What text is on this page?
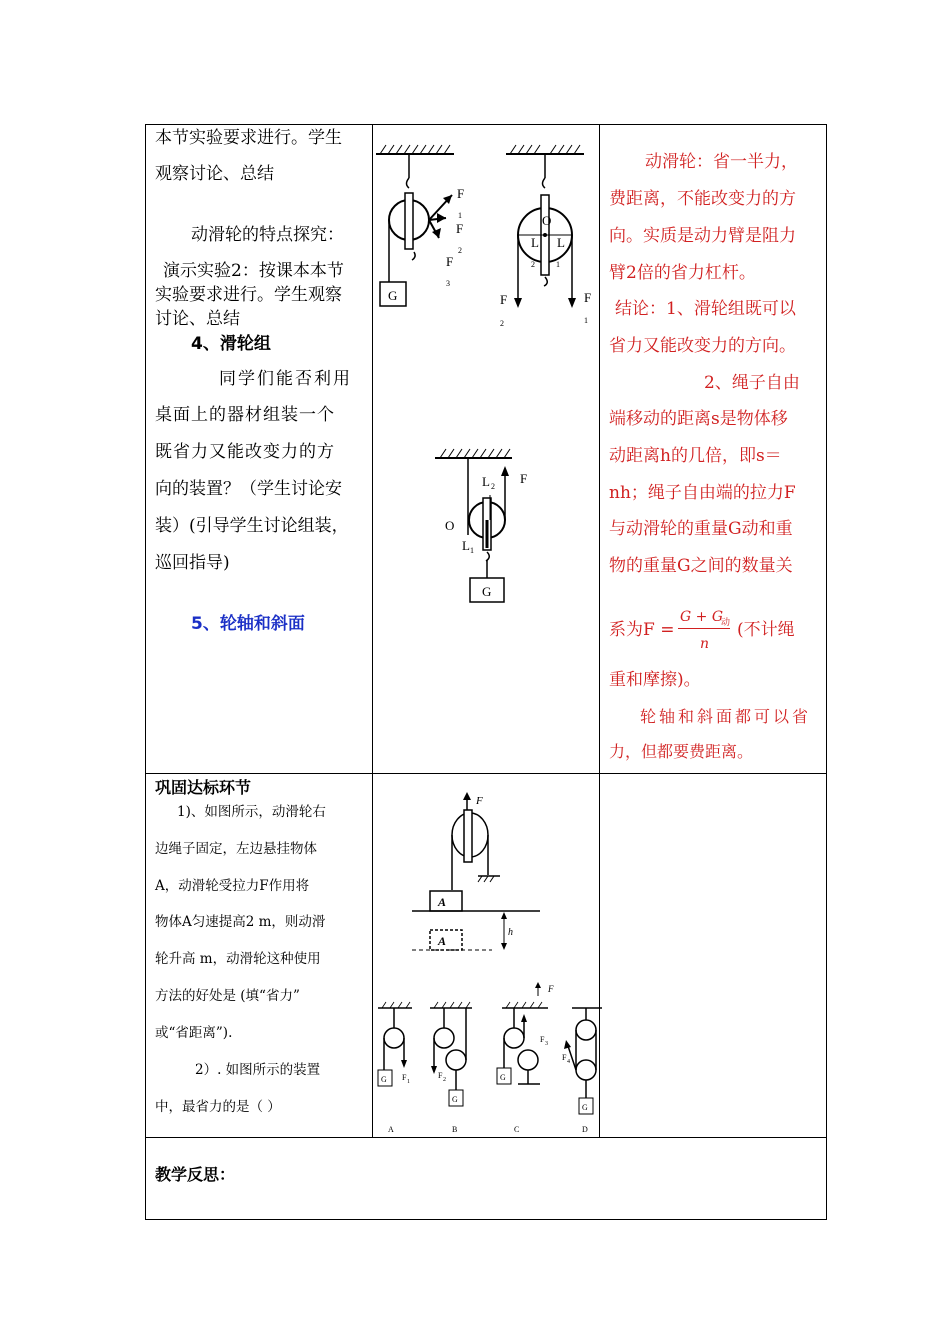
本节实验要求进行。学生
观察讨论、总结
动滑轮的特点探究：
演示实验2：按课本本节
实验要求进行。学生观察
讨论、总结
4、滑轮组
同学们能否利用
桌面上的器材组装一个
既省力又能改变力的方
向的装置？（学生讨论安
装）(引导学生讨论组装，
巡回指导)
5、轮轴和斜面
动滑轮：省一半力，
费距离，不能改变力的方
向。实质是动力臂是阻力
臂2倍的省力杠杆。
结论：1、滑轮组既可以
省力又能改变力的方向。
2、绳子自由
端移动的距离s是物体移
动距离h的几倍，即s＝
nh；绳子自由端的拉力F
与动滑轮的重量G动和重
物的重量G之间的数量关
系为F =
G + G
动
n
(不计绳
重和摩擦)。
轮轴和斜面都可以省
力，但都要费距离。
巩固达标环节
1)、如图所示，动滑轮右
边绳子固定，左边悬挂物体
A，动滑轮受拉力F作用将
物体A匀速提高2 m，则动滑
轮升高 m，动滑轮这种使用
方法的好处是 (填“省力”
或“省距离”).
2）. 如图所示的装置
中，最省力的是（ ）
教学反思：
G
F
1
F
2
F
3
O
L L
2	1
F
2
F
1
F
L 2
O
L 1
G
F
A
A
h
G F 1
A
F 2
G
B
F
F 3
G
C
F 4
G
D
